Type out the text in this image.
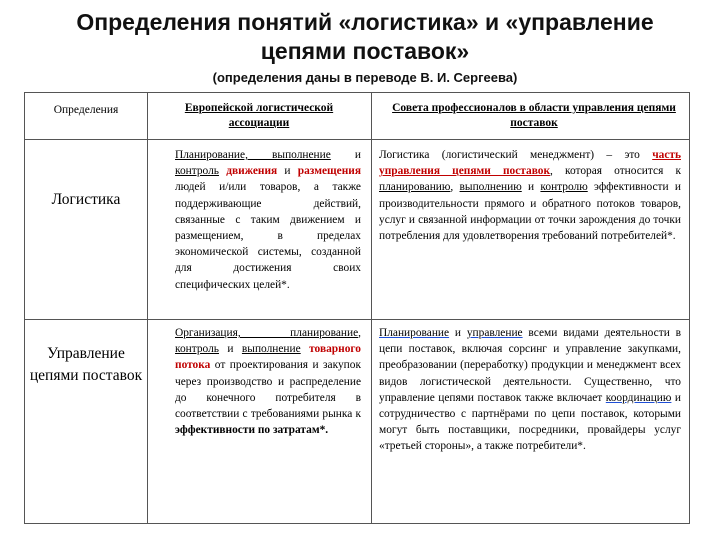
Определения понятий «логистика» и «управление цепями поставок»
(определения даны в переводе В. И. Сергеева)
Определения	Европейской логистической ассоциации
Совета профессионалов в области управления цепями поставок
Логистика
Планирование, выполнение и контроль движения и размещения людей и/или товаров, а также поддерживающие действий, связанные с таким движением и размещением, в пределах экономической системы, созданной для достижения своих специфических целей*.
Логистика (логистический менеджмент) – это часть управления цепями поставок, которая относится к планированию, выполнению и контролю эффективности и производительности прямого и обратного потоков товаров, услуг и связанной информации от точки зарождения до точки потребления для удовлетворения требований потребителей*.
Управление цепями поставок
Организация, планирование, контроль и выполнение товарного потока от проектирования и закупок через производство и распределение до конечного потребителя в соответствии с требованиями рынка к эффективности по затратам*.
Планирование и управление всеми видами деятельности в цепи поставок, включая сорсинг и управление закупками, преобразовании (переработку) продукции и менеджмент всех видов логистической деятельности. Существенно, что управление цепями поставок также включает координацию и сотрудничество с партнёрами по цепи поставок, которыми могут быть поставщики, посредники, провайдеры услуг «третьей стороны», а также потребители*.
